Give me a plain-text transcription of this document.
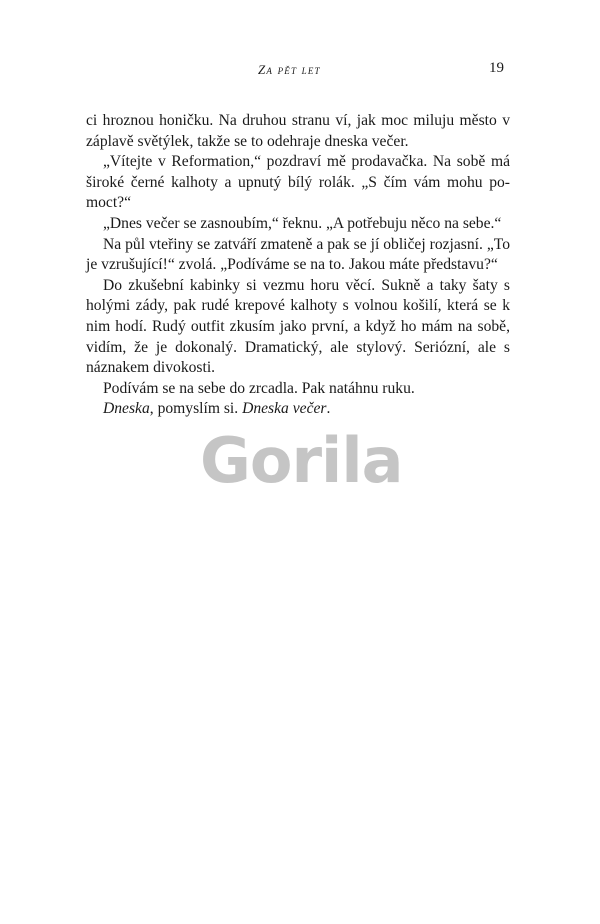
Za pět let	19

ci hroznou honičku. Na druhou stranu ví, jak moc miluju město v záplavě světýlek, takže se to odehraje dneska večer.

„Vítejte v Reformation,“ pozdraví mě prodavačka. Na sobě má široké černé kalhoty a upnutý bílý rolák. „S čím vám mohu pomoct?“

„Dnes večer se zasnoubím,“ řeknu. „A potřebuju něco na sebe.“

Na půl vteřiny se zatváří zmateně a pak se jí obličej rozjasní. „To je vzrušující!“ zvolá. „Podíváme se na to. Jakou máte představu?“

Do zkušební kabinky si vezmu horu věcí. Sukně a taky šaty s holými zády, pak rudé krepové kalhoty s volnou košilí, která se k nim hodí. Rudý outfit zkusím jako první, a když ho mám na sobě, vidím, že je dokonalý. Dramatický, ale stylový. Seriózní, ale s náznakem divokosti.

Podívám se na sebe do zrcadla. Pak natáhnu ruku.

Dneska, pomyslím si. Dneska večer.

Gorila
